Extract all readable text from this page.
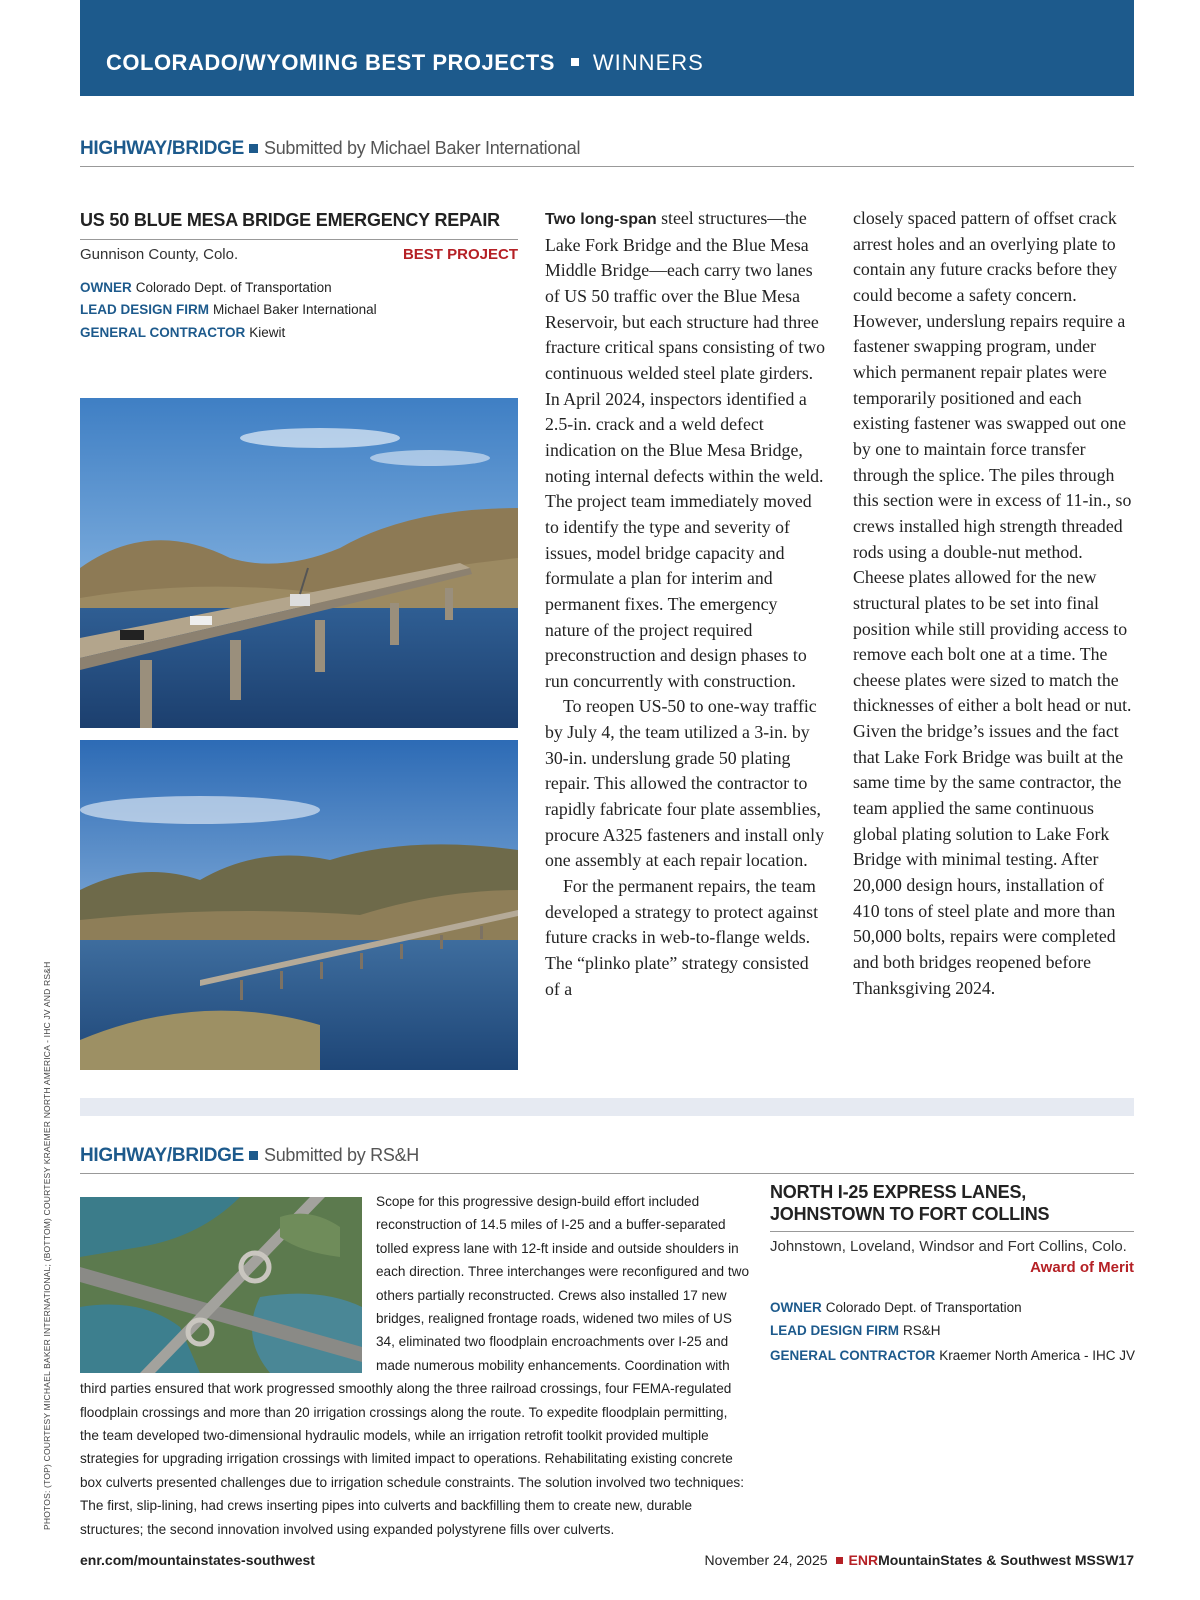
COLORADO/WYOMING BEST PROJECTS WINNERS
HIGHWAY/BRIDGE Submitted by Michael Baker International
US 50 BLUE MESA BRIDGE EMERGENCY REPAIR
Gunnison County, Colo.	BEST PROJECT
OWNER Colorado Dept. of Transportation
LEAD DESIGN FIRM Michael Baker International
GENERAL CONTRACTOR Kiewit

Two long-span steel structures—the Lake Fork Bridge and the Blue Mesa Middle Bridge—each carry two lanes of US 50 traffic over the Blue Mesa Reservoir, but each structure had three fracture critical spans consisting of two continuous welded steel plate girders. In April 2024, inspectors identified a 2.5-in. crack and a weld defect indication on the Blue Mesa Bridge, noting internal defects within the weld. The project team immediately moved to identify the type and severity of issues, model bridge capacity and formulate a plan for interim and permanent fixes. The emergency nature of the project required preconstruction and design phases to run concurrently with construction.

To reopen US-50 to one-way traffic by July 4, the team utilized a 3-in. by 30-in. underslung grade 50 plating repair. This allowed the contractor to rapidly fabricate four plate assemblies, procure A325 fasteners and install only one assembly at each repair location.

For the permanent repairs, the team developed a strategy to protect against future cracks in web-to-flange welds. The “plinko plate” strategy consisted of a

closely spaced pattern of offset crack arrest holes and an overlying plate to contain any future cracks before they could become a safety concern. However, underslung repairs require a fastener swapping program, under which permanent repair plates were temporarily positioned and each existing fastener was swapped out one by one to maintain force transfer through the splice. The piles through this section were in excess of 11-in., so crews installed high strength threaded rods using a double-nut method. Cheese plates allowed for the new structural plates to be set into final position while still providing access to remove each bolt one at a time. The cheese plates were sized to match the thicknesses of either a bolt head or nut. Given the bridge’s issues and the fact that Lake Fork Bridge was built at the same time by the same contractor, the team applied the same continuous global plating solution to Lake Fork Bridge with minimal testing. After 20,000 design hours, installation of 410 tons of steel plate and more than 50,000 bolts, repairs were completed and both bridges reopened before Thanksgiving 2024.

HIGHWAY/BRIDGE Submitted by RS&H
NORTH I-25 EXPRESS LANES, JOHNSTOWN TO FORT COLLINS
Johnstown, Loveland, Windsor and Fort Collins, Colo.
Award of Merit
OWNER Colorado Dept. of Transportation
LEAD DESIGN FIRM RS&H
GENERAL CONTRACTOR Kraemer North America - IHC JV

Scope for this progressive design-build effort included reconstruction of 14.5 miles of I-25 and a buffer-separated tolled express lane with 12-ft inside and outside shoulders in each direction. Three interchanges were reconfigured and two others partially reconstructed. Crews also installed 17 new bridges, realigned frontage roads, widened two miles of US 34, eliminated two floodplain encroachments over I-25 and made numerous mobility enhancements. Coordination with third parties ensured that work progressed smoothly along the three railroad crossings, four FEMA-regulated floodplain crossings and more than 20 irrigation crossings along the route. To expedite floodplain permitting, the team developed two-dimensional hydraulic models, while an irrigation retrofit toolkit provided multiple strategies for upgrading irrigation crossings with limited impact to operations. Rehabilitating existing concrete box culverts presented challenges due to irrigation schedule constraints. The solution involved two techniques: The first, slip-lining, had crews inserting pipes into culverts and backfilling them to create new, durable structures; the second innovation involved using expanded polystyrene fills over culverts.

PHOTOS: (TOP) COURTESY MICHAEL BAKER INTERNATIONAL; (BOTTOM) COURTESY KRAEMER NORTH AMERICA - IHC JV AND RS&H
enr.com/mountainstates-southwest	November 24, 2025 ENRMountainStates & Southwest MSSW17
